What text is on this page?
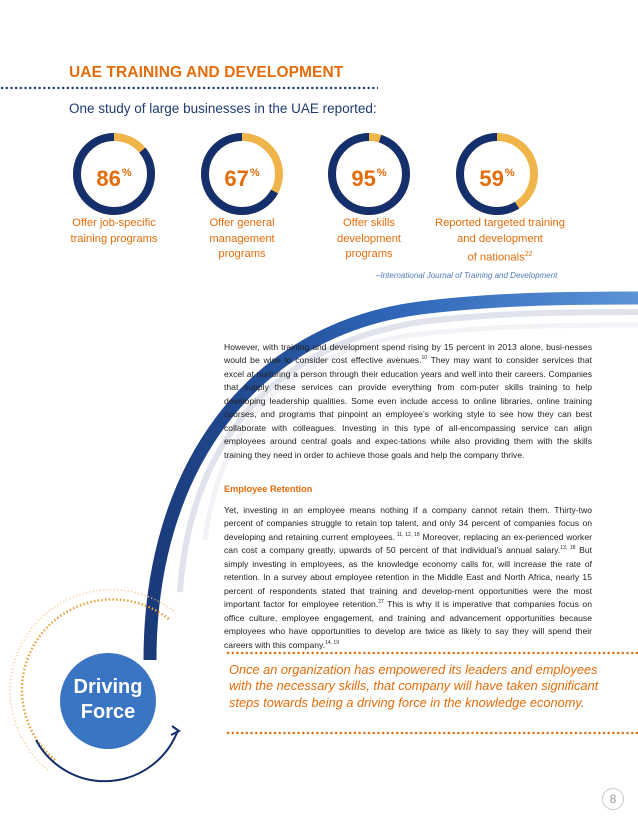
UAE TRAINING AND DEVELOPMENT
One study of large businesses in the UAE reported:
86%	67%	95%	59%
Offer job-specific
training programs
Offer general
management
programs
Offer skills
development
programs
Reported targeted training
and development
of nationals$^{22}$
–International Journal of Training and Development
However, with training and development spend rising by 15 percent in 2013 alone, busi-nesses would be wise to consider cost effective avenues.$^{10}$ They may want to consider services that excel at nurturing a person through their education years and well into their careers. Companies that supply these services can provide everything from com-puter skills training to help developing leadership qualities. Some even include access to online libraries, online training courses, and programs that pinpoint an employee’s working style to see how they can best collaborate with colleagues. Investing in this type of all-encompassing service can align employees around central goals and expec-tations while also providing them with the skills training they need in order to achieve those goals and help the company thrive.
Employee Retention
Yet, investing in an employee means nothing if a company cannot retain them. Thirty-two percent of companies struggle to retain top talent, and only 34 percent of companies focus on developing and retaining current employees. $^{11, 12, 18}$ Moreover, replacing an ex-perienced worker can cost a company greatly, upwards of 50 percent of that individual’s annual salary.$^{13, 18}$ But simply investing in employees, as the knowledge economy calls for, will increase the rate of retention. In a survey about employee retention in the Middle East and North Africa, nearly 15 percent of respondents stated that training and develop-ment opportunities were the most important factor for employee retention.$^{27}$ This is why it is imperative that companies focus on office culture, employee engagement, and training and advancement opportunities because employees who have opportunities to develop are twice as likely to say they will spend their careers with this company.$^{14, 19}$
Once an organization has empowered its leaders and employees with the necessary skills, that company will have taken significant steps towards being a driving force in the knowledge economy.
Driving
Force
8
